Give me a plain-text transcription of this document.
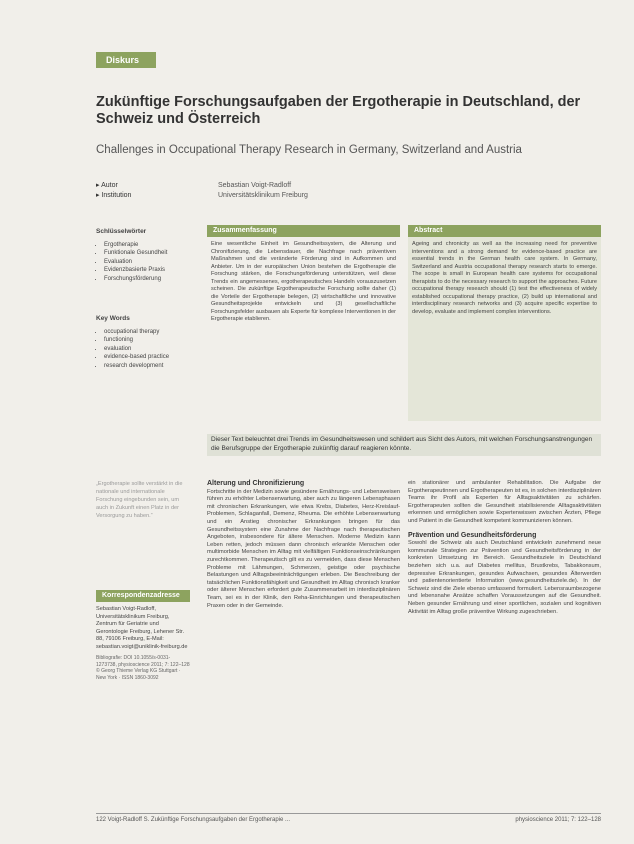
Diskurs
Zukünftige Forschungsaufgaben der Ergotherapie in Deutschland, der Schweiz und Österreich
Challenges in Occupational Therapy Research in Germany, Switzerland and Austria
▸ Autor	Sebastian Voigt-Radloff
▸ Institution	Universitätsklinikum Freiburg
Schlüsselwörter
• Ergotherapie
• Funktionale Gesundheit
• Evaluation
• Evidenzbasierte Praxis
• Forschungsförderung
Key Words
• occupational therapy
• functioning
• evaluation
• evidence-based practice
• research development
Zusammenfassung
Eine wesentliche Einheit im Gesundheitssystem, die Alterung und Chronifizierung, die Lebensdauer, die Nachfrage nach präventiven Maßnahmen und die veränderte Förderung sind in Aufkommen und Anbieter. Um in der europäischen Union bestehen die Ergotherapie die Forschung stärken, die Forschungsförderung unterstützen, weil diese Trends ein angemessenes, ergotherapeutisches Handeln vorauszusetzen scheinen. Die zukünftige Ergotherapeutische Forschung sollte daher (1) die Vorteile der Ergotherapie belegen, (2) wirtschaftliche und innovative Gesundheitsprojekte entwickeln und (3) gesellschaftliche Forschungsfelder ausbauen als Experte für komplexe Interventionen in der Ergotherapie etablieren.
Abstract
Ageing and chronicity as well as the increasing need for preventive interventions and a strong demand for evidence-based practice are essential trends in the German health care system. In Germany, Switzerland and Austria occupational therapy research starts to emerge. The scope is small in European health care systems for occupational therapists to do the necessary research to support the approaches. Future occupational therapy research should (1) test the effectiveness of widely established occupational therapy practice, (2) build up international and interdisciplinary research networks and (3) acquire specific expertise to develop, evaluate and implement complex interventions.
Dieser Text beleuchtet drei Trends im Gesundheitswesen und schildert aus Sicht des Autors, mit welchen Forschungsanstrengungen die Berufsgruppe der Ergotherapie zukünftig darauf reagieren könnte.
„Ergotherapie sollte verstärkt in die nationale und internationale Forschung eingebunden sein, um auch in Zukunft einen Platz in der Versorgung zu haben.“
Korrespondenzadresse
Sebastian Voigt-Radloff, Universitätsklinikum Freiburg, Zentrum für Geriatrie und Gerontologie Freiburg, Lehener Str. 88, 79106 Freiburg, E-Mail: sebastian.voigt@uniklinik-freiburg.de
Bibliografie: DOI 10.1055/s-0031-1273738, physioscience 2011; 7: 122–128 © Georg Thieme Verlag KG Stuttgart · New York · ISSN 1860-3092
Alterung und Chronifizierung
Fortschritte in der Medizin sowie gesündere Ernährungs- und Lebensweisen führen zu erhöhter Lebenserwartung, aber auch zu längeren Lebensphasen mit chronischen Erkrankungen, wie etwa Krebs, Diabetes, Herz-Kreislauf-Problemen, Schlaganfall, Demenz, Rheuma. Die erhöhte Lebenserwartung und ein Anstieg chronischer Erkrankungen bringen für das Gesundheitssystem eine Zunahme der Nachfrage nach therapeutischen Angeboten, insbesondere für ältere Menschen. Moderne Medizin kann Leben retten, jedoch müssen dann chronisch erkrankte Menschen oder multimorbide Menschen im Alltag mit vielfältigen Funktionseinschränkungen zurechtkommen. Therapeutisch gilt es zu vermeiden, dass diese Menschen Probleme mit Lähmungen, Schmerzen, geistige oder psychische Belastungen und Alltagsbeeinträchtigungen erleben. Die Beschreibung der tatsächlichen Funktionsfähigkeit und Gesundheit im Alltag chronisch kranker oder älterer Menschen erfordert gute Zusammenarbeit im interdisziplinären Team, sei es in der Klinik, den Reha-Einrichtungen und therapeutischen Praxen oder in der Gemeinde.
ein stationärer und ambulanter Rehabilitation. Die Aufgabe der Ergotherapeutinnen und Ergotherapeuten ist es, in solchen interdisziplinären Teams ihr Profil als Experten für Alltagsaktivitäten zu schärfen. Ergotherapeuten sollten die Gesundheit stabilisierende Alltagsaktivitäten erkennen und ermöglichen sowie Expertenwissen zwischen Ärzten, Pflege und Patient in die Gesundheit kompetent kommunizieren können.
Prävention und Gesundheitsförderung
Sowohl die Schweiz als auch Deutschland entwickeln zunehmend neue kommunale Strategien zur Prävention und Gesundheitsförderung in der konkreten Umsetzung im Bereich. Gesundheitsziele in Deutschland beziehen sich u.a. auf Diabetes mellitus, Brustkrebs, Tabakkonsum, depressive Erkrankungen, gesundes Aufwachsen, gesundes Älterwerden und patientenorientierte Information (www.gesundheitsziele.de). In der Schweiz sind die Ziele ebenso umfassend formuliert. Lebensraumbezogene und lebensnahe Ansätze schaffen Voraussetzungen auf die Gesundheit. Neben gesunder Ernährung und einer sportlichen, sozialen und kognitiven Aktivität im Alltag große präventive Wirkung zugeschrieben.
122 Voigt-Radloff S. Zukünftige Forschungsaufgaben der Ergotherapie ...	physioscience 2011; 7: 122–128
